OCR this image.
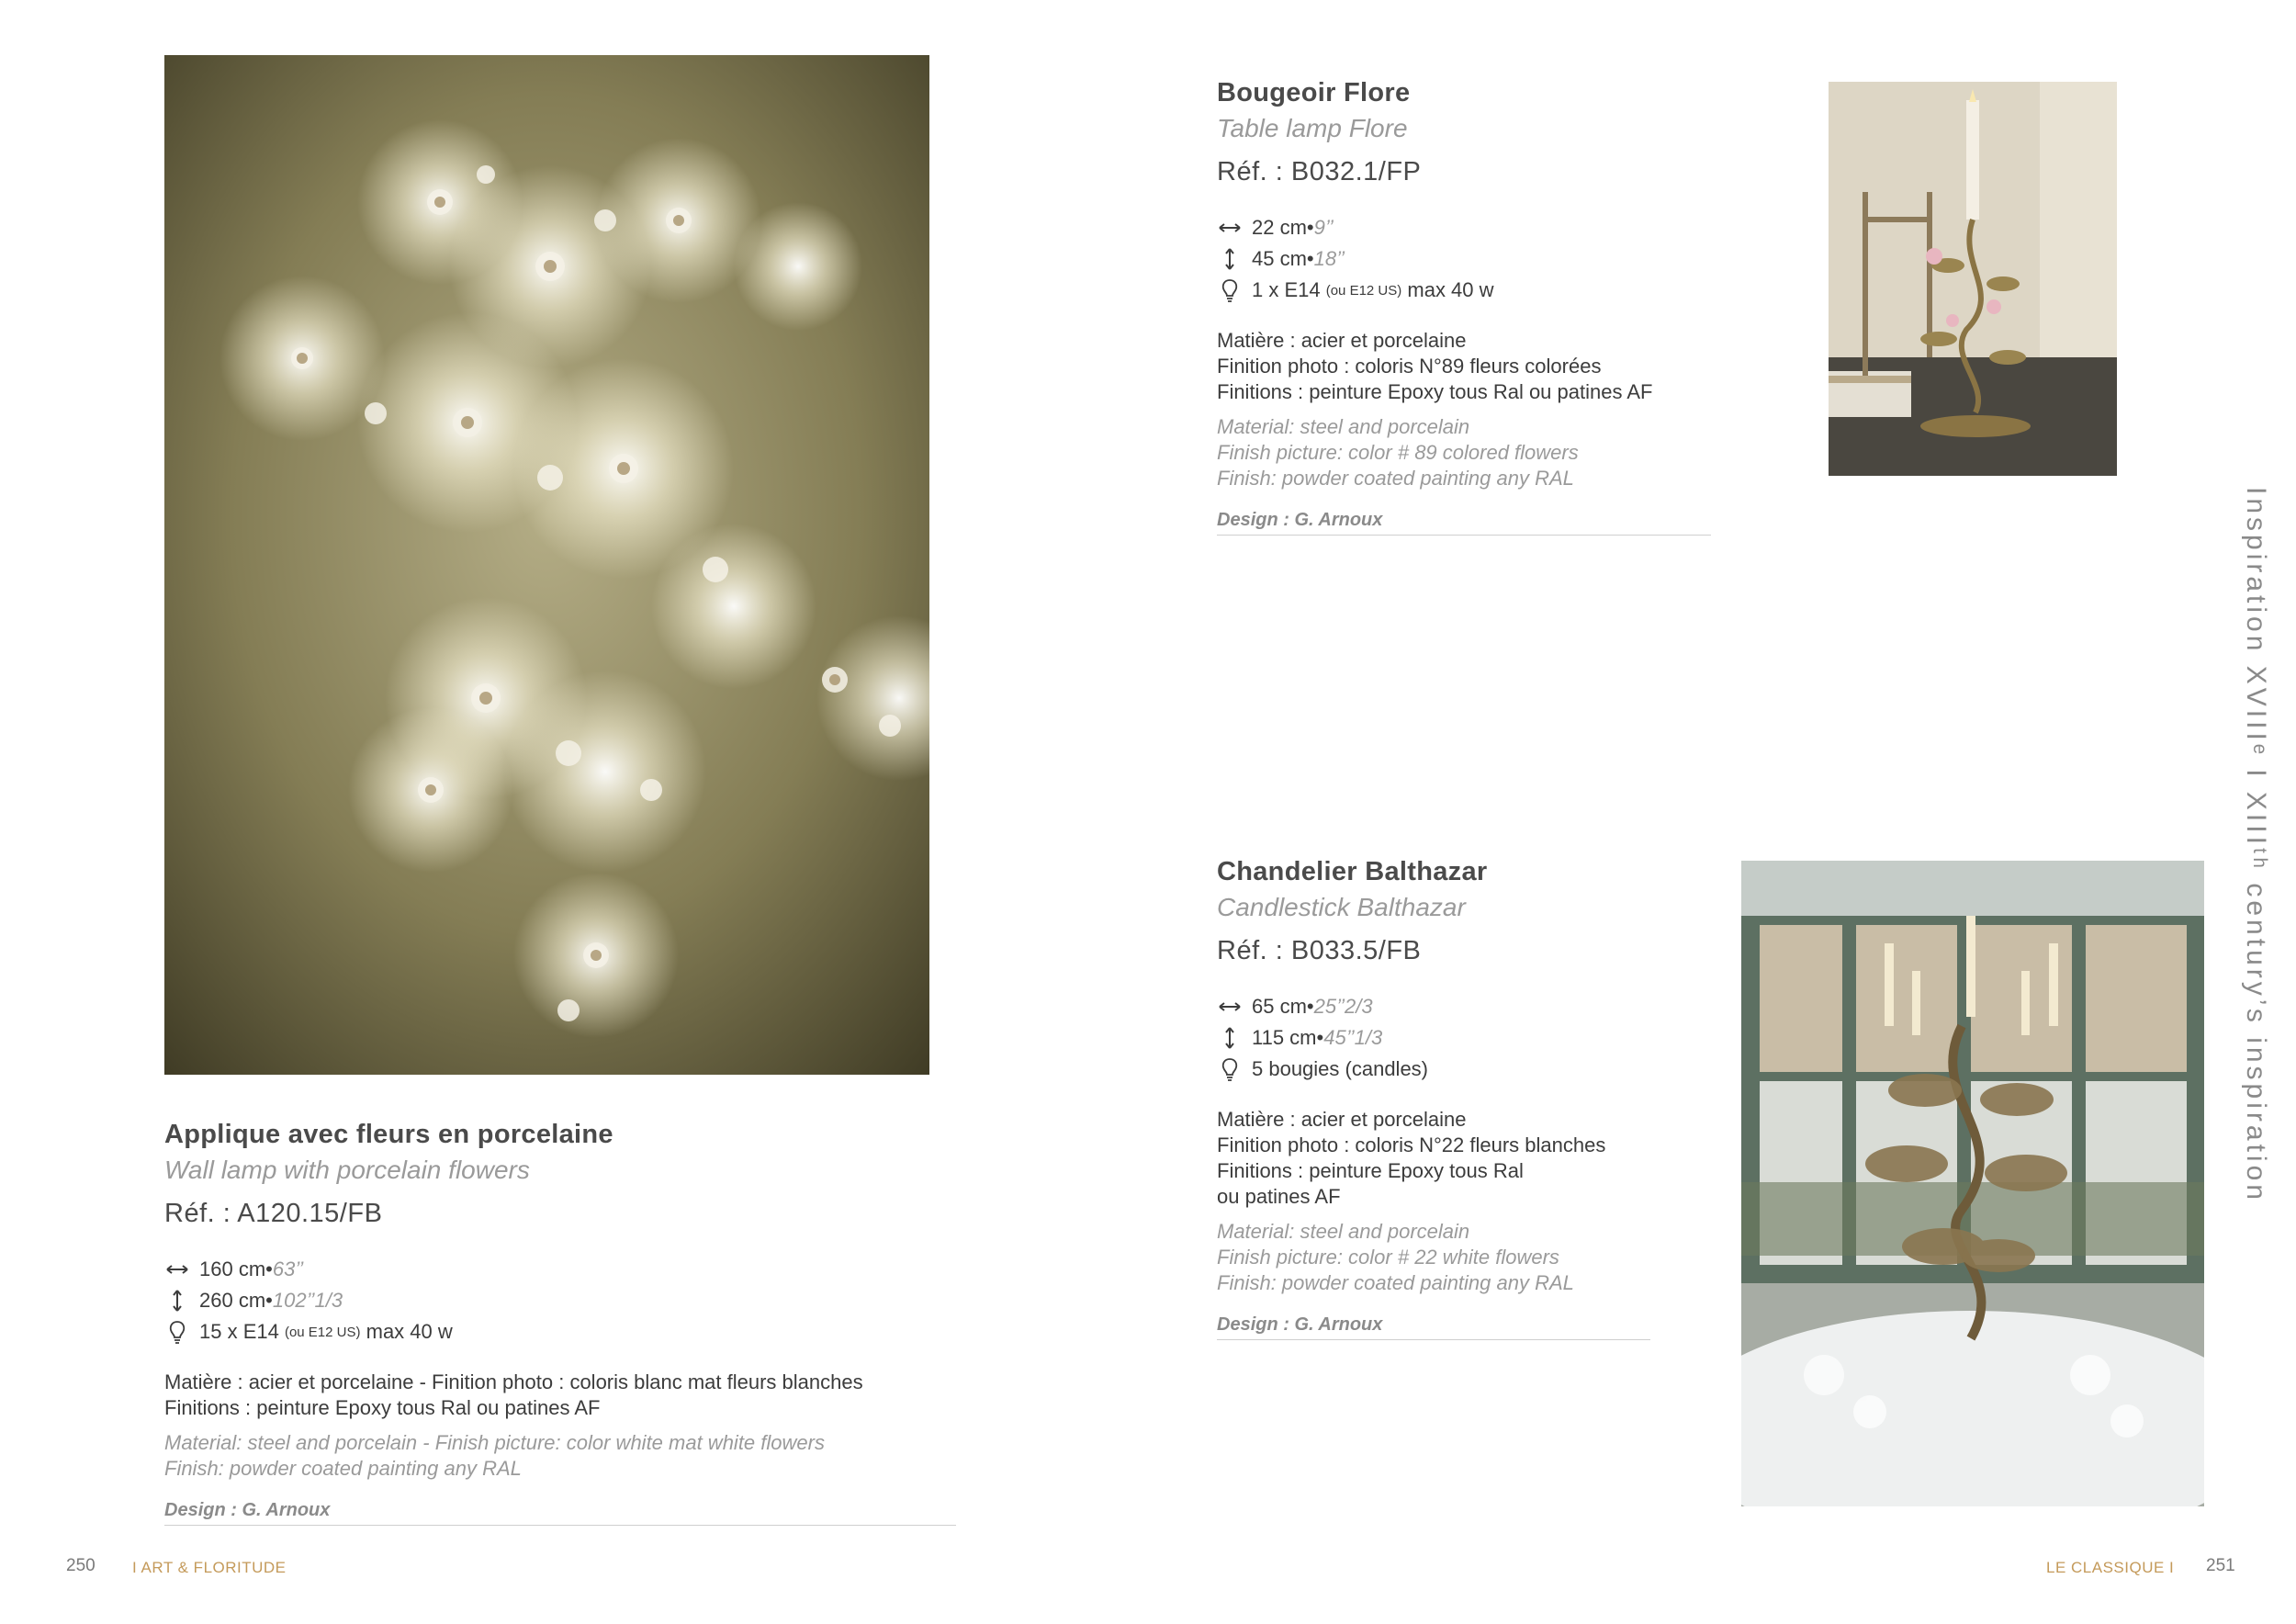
Applique avec fleurs en porcelaine
Wall lamp with porcelain flowers
Réf. : A120.15/FB
160 cm • 63’’
260 cm • 102’’1/3
15 x E14 (ou E12 US) max 40 w
Matière : acier et porcelaine - Finition photo : coloris blanc mat fleurs blanches
Finitions : peinture Epoxy tous Ral ou patines AF
Material: steel and porcelain - Finish picture: color white mat white flowers
Finish: powder coated painting any RAL
Design : G. Arnoux
Bougeoir Flore
Table lamp Flore
Réf. : B032.1/FP
22 cm • 9’’
45 cm • 18’’
1 x E14 (ou E12 US) max 40 w
Matière : acier et porcelaine
Finition photo : coloris N°89 fleurs colorées
Finitions : peinture Epoxy tous Ral ou patines AF
Material: steel and porcelain
Finish picture: color # 89 colored flowers
Finish: powder coated painting any RAL
Design : G. Arnoux
Chandelier Balthazar
Candlestick Balthazar
Réf. : B033.5/FB
65 cm • 25’’2/3
115 cm • 45’’1/3
5 bougies (candles)
Matière : acier et porcelaine
Finition photo : coloris N°22 fleurs blanches
Finitions : peinture Epoxy tous Ral
ou patines AF
Material: steel and porcelain
Finish picture: color # 22 white flowers
Finish: powder coated painting any RAL
Design : G. Arnoux
Inspiration XVIIIᵉ I XIIIᵗʰ century’s inspiration
250 I ART & FLORITUDE	LE CLASSIQUE I 251
